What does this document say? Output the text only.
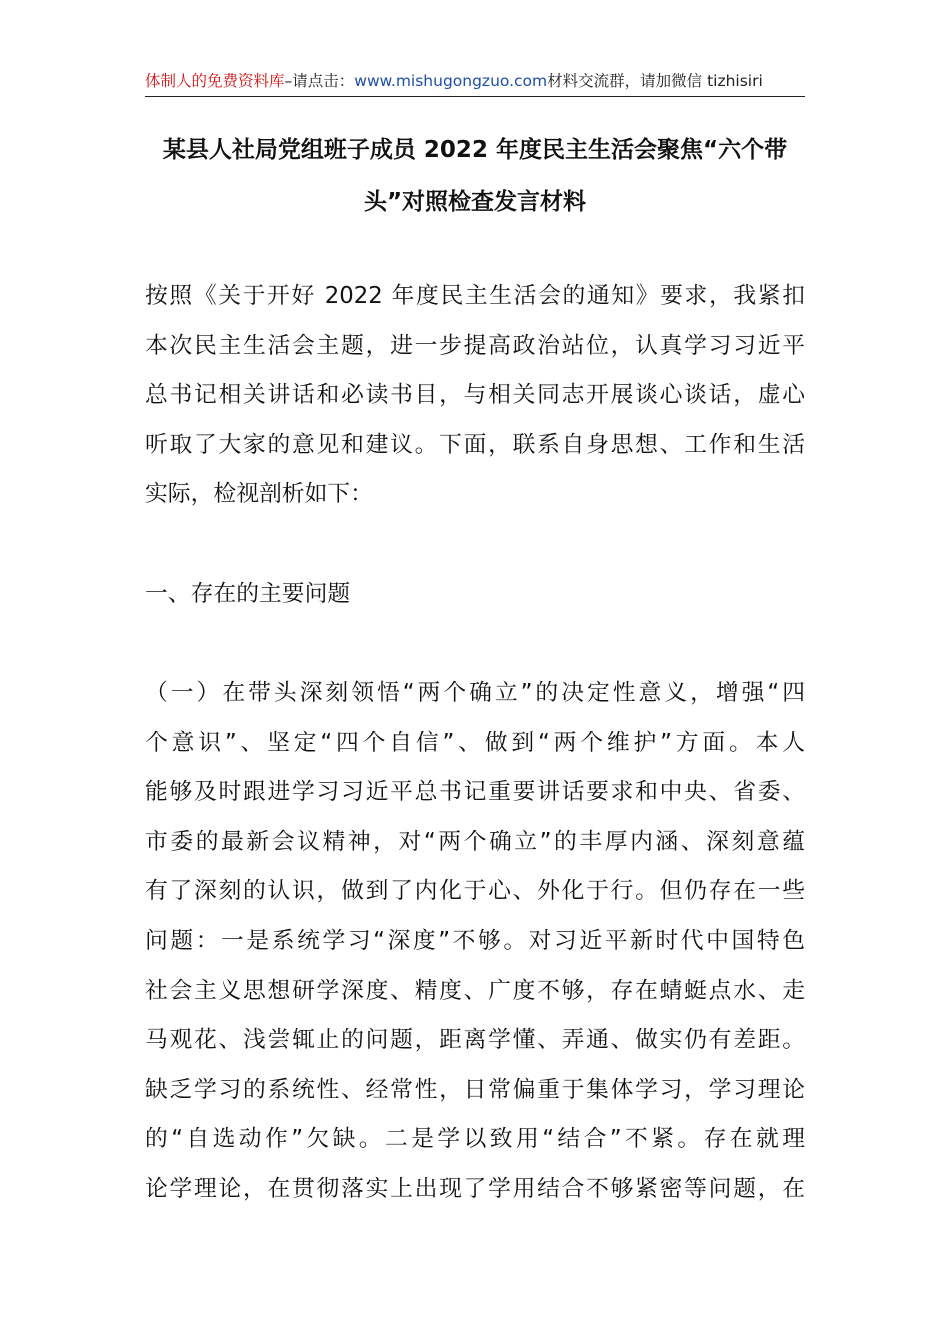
体制人的免费资料库–请点击：www.mishugongzuo.com材料交流群，请加微信 tizhisiri
某县人社局党组班子成员 2022 年度民主生活会聚焦“六个带
头”对照检查发言材料

按照《关于开好 2022 年度民主生活会的通知》要求，我紧扣
本次民主生活会主题，进一步提高政治站位，认真学习习近平
总书记相关讲话和必读书目，与相关同志开展谈心谈话，虚心
听取了大家的意见和建议。下面，联系自身思想、工作和生活
实际，检视剖析如下：

一、存在的主要问题

（一）在带头深刻领悟“两个确立”的决定性意义，增强“四
个意识”、坚定“四个自信”、做到“两个维护”方面。本人
能够及时跟进学习习近平总书记重要讲话要求和中央、省委、
市委的最新会议精神，对“两个确立”的丰厚内涵、深刻意蕴
有了深刻的认识，做到了内化于心、外化于行。但仍存在一些
问题：一是系统学习“深度”不够。对习近平新时代中国特色
社会主义思想研学深度、精度、广度不够，存在蜻蜓点水、走
马观花、浅尝辄止的问题，距离学懂、弄通、做实仍有差距。
缺乏学习的系统性、经常性，日常偏重于集体学习，学习理论
的“自选动作”欠缺。二是学以致用“结合”不紧。存在就理
论学理论，在贯彻落实上出现了学用结合不够紧密等问题，在
